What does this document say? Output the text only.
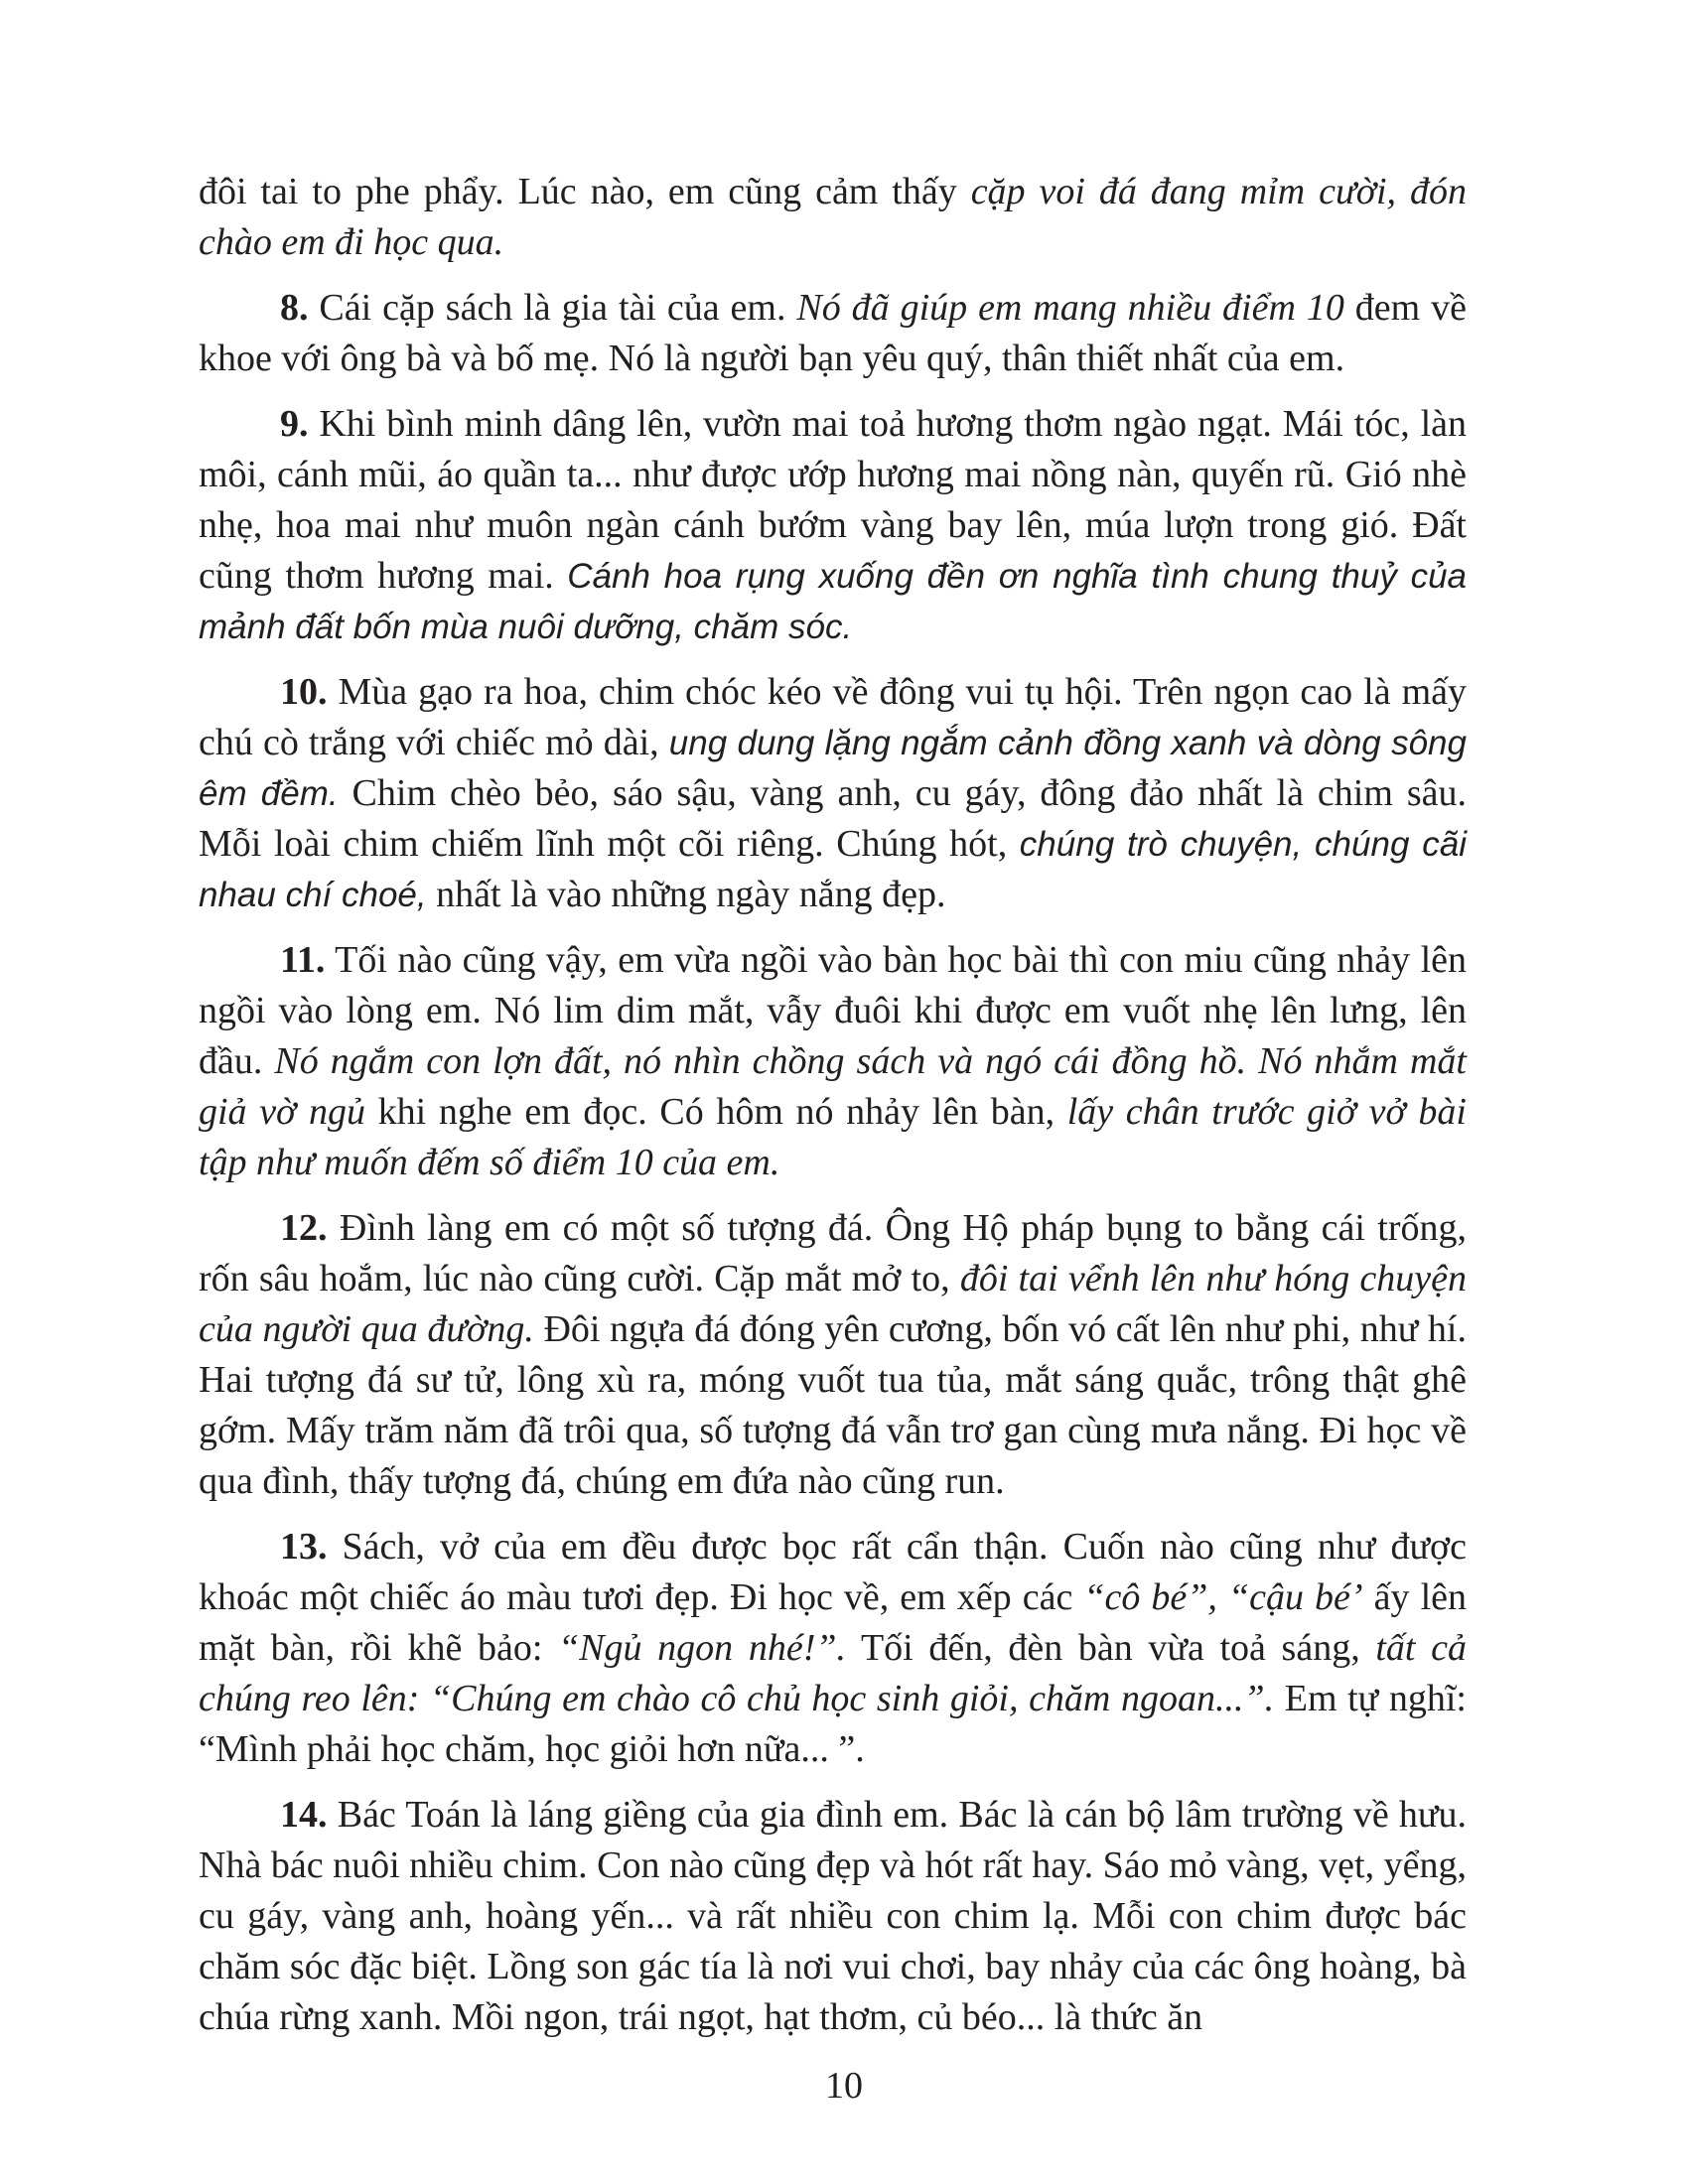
đôi tai to phe phẩy. Lúc nào, em cũng cảm thấy cặp voi đá đang mỉm cười, đón chào em đi học qua.

8. Cái cặp sách là gia tài của em. Nó đã giúp em mang nhiều điểm 10 đem về khoe với ông bà và bố mẹ. Nó là người bạn yêu quý, thân thiết nhất của em.

9. Khi bình minh dâng lên, vườn mai toả hương thơm ngào ngạt. Mái tóc, làn môi, cánh mũi, áo quần ta... như được ướp hương mai nồng nàn, quyến rũ. Gió nhè nhẹ, hoa mai như muôn ngàn cánh bướm vàng bay lên, múa lượn trong gió. Đất cũng thơm hương mai. Cánh hoa rụng xuống đền ơn nghĩa tình chung thuỷ của mảnh đất bốn mùa nuôi dưỡng, chăm sóc.

10. Mùa gạo ra hoa, chim chóc kéo về đông vui tụ hội. Trên ngọn cao là mấy chú cò trắng với chiếc mỏ dài, ung dung lặng ngắm cảnh đồng xanh và dòng sông êm đềm. Chim chèo bẻo, sáo sậu, vàng anh, cu gáy, đông đảo nhất là chim sâu. Mỗi loài chim chiếm lĩnh một cõi riêng. Chúng hót, chúng trò chuyện, chúng cãi nhau chí choé, nhất là vào những ngày nắng đẹp.

11. Tối nào cũng vậy, em vừa ngồi vào bàn học bài thì con miu cũng nhảy lên ngồi vào lòng em. Nó lim dim mắt, vẫy đuôi khi được em vuốt nhẹ lên lưng, lên đầu. Nó ngắm con lợn đất, nó nhìn chồng sách và ngó cái đồng hồ. Nó nhắm mắt giả vờ ngủ khi nghe em đọc. Có hôm nó nhảy lên bàn, lấy chân trước giở vở bài tập như muốn đếm số điểm 10 của em.

12. Đình làng em có một số tượng đá. Ông Hộ pháp bụng to bằng cái trống, rốn sâu hoắm, lúc nào cũng cười. Cặp mắt mở to, đôi tai vểnh lên như hóng chuyện của người qua đường. Đôi ngựa đá đóng yên cương, bốn vó cất lên như phi, như hí. Hai tượng đá sư tử, lông xù ra, móng vuốt tua tủa, mắt sáng quắc, trông thật ghê gớm. Mấy trăm năm đã trôi qua, số tượng đá vẫn trơ gan cùng mưa nắng. Đi học về qua đình, thấy tượng đá, chúng em đứa nào cũng run.

13. Sách, vở của em đều được bọc rất cẩn thận. Cuốn nào cũng như được khoác một chiếc áo màu tươi đẹp. Đi học về, em xếp các “cô bé”, “cậu bé’ ấy lên mặt bàn, rồi khẽ bảo: “Ngủ ngon nhé!”. Tối đến, đèn bàn vừa toả sáng, tất cả chúng reo lên: “Chúng em chào cô chủ học sinh giỏi, chăm ngoan...”. Em tự nghĩ: “Mình phải học chăm, học giỏi hơn nữa... ”.

14. Bác Toán là láng giềng của gia đình em. Bác là cán bộ lâm trường về hưu. Nhà bác nuôi nhiều chim. Con nào cũng đẹp và hót rất hay. Sáo mỏ vàng, vẹt, yểng, cu gáy, vàng anh, hoàng yến... và rất nhiều con chim lạ. Mỗi con chim được bác chăm sóc đặc biệt. Lồng son gác tía là nơi vui chơi, bay nhảy của các ông hoàng, bà chúa rừng xanh. Mồi ngon, trái ngọt, hạt thơm, củ béo... là thức ăn

10
